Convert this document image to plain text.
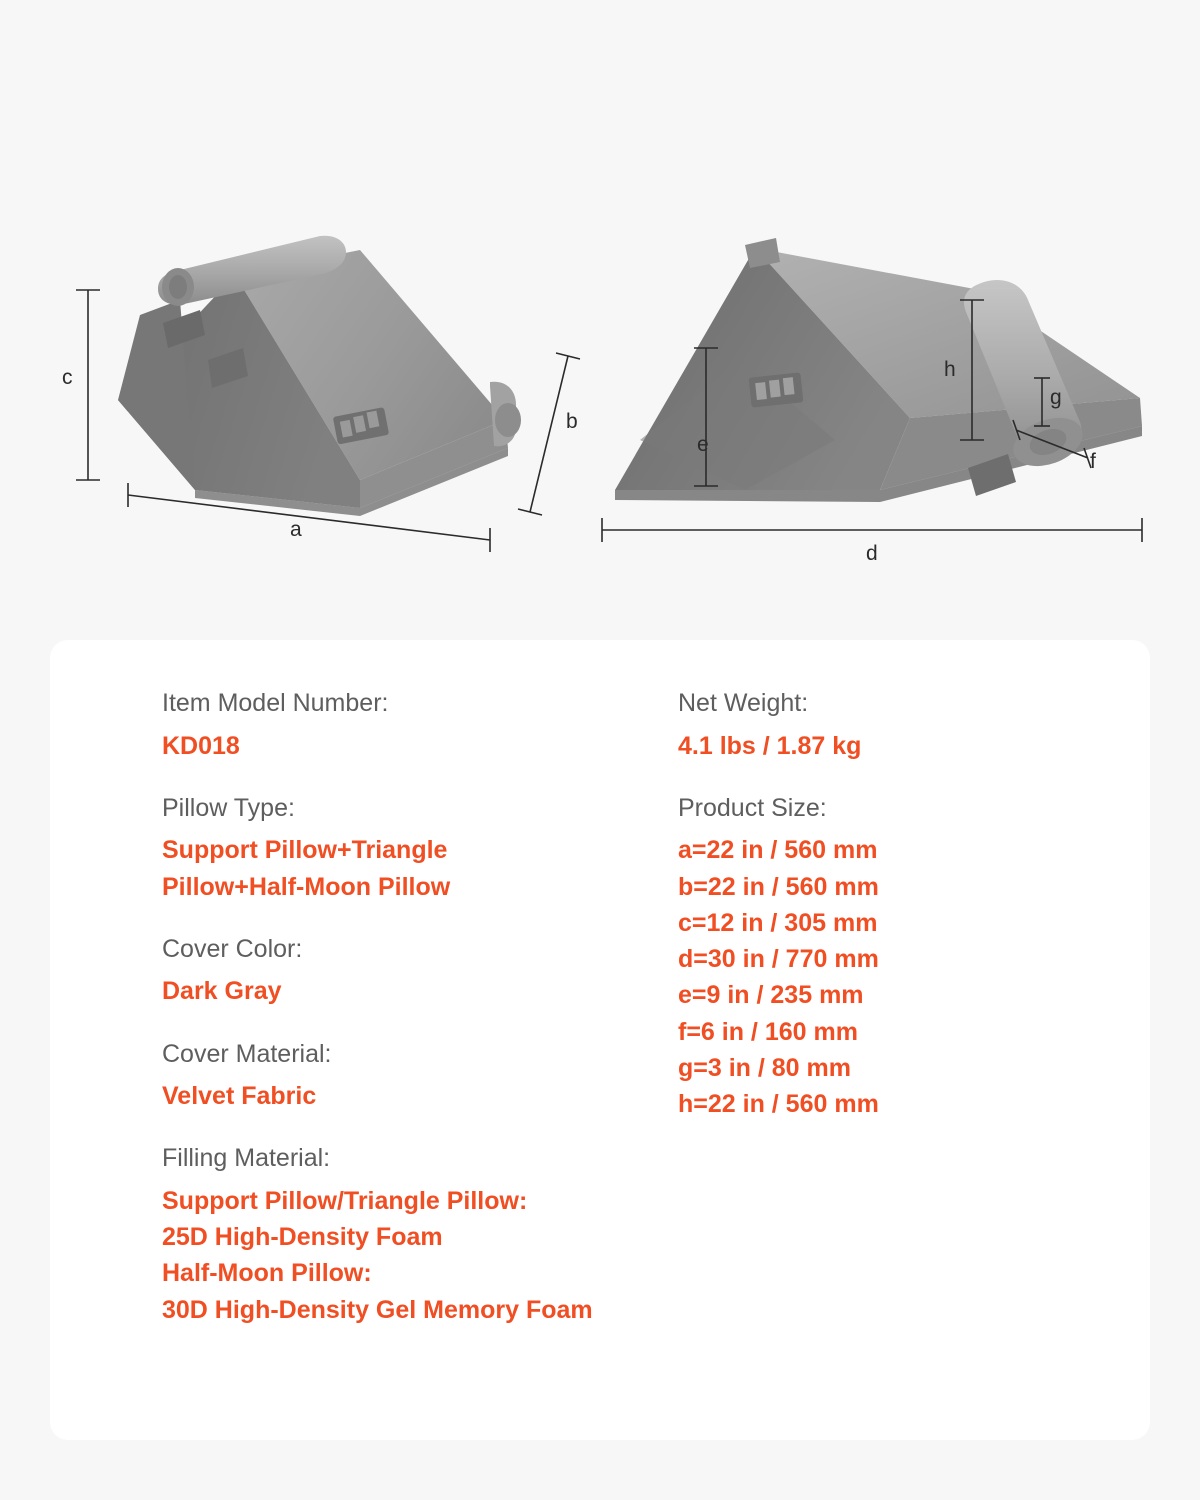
c
a
b
h
g
f
e
d
Item Model Number:
KD018
Pillow Type:
Support Pillow+Triangle
Pillow+Half-Moon Pillow
Cover Color:
Dark Gray
Cover Material:
Velvet Fabric
Filling Material:
Support Pillow/Triangle Pillow:
25D High-Density Foam
Half-Moon Pillow:
30D High-Density Gel Memory Foam
Net Weight:
4.1 lbs / 1.87 kg
Product Size:
a=22 in / 560 mm
b=22 in / 560 mm
c=12 in / 305 mm
d=30 in / 770 mm
e=9 in / 235 mm
f=6 in / 160 mm
g=3 in / 80 mm
h=22 in / 560 mm
